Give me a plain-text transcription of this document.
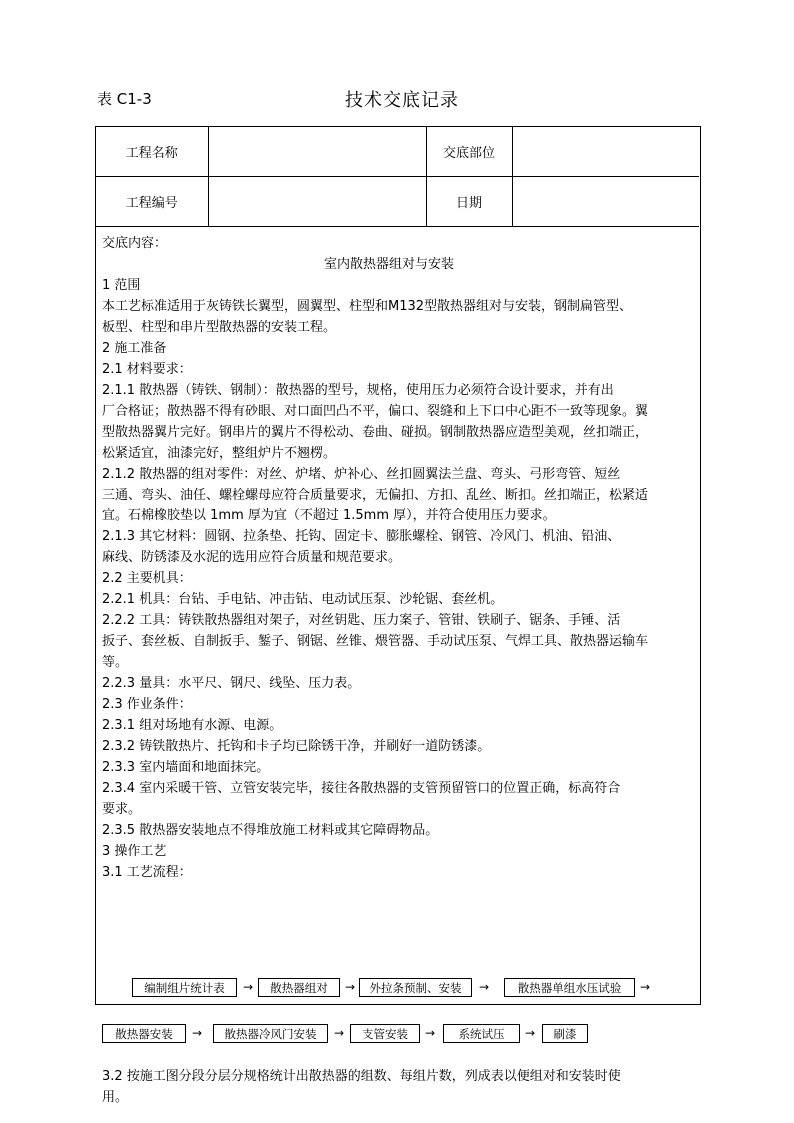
表 C1-3	技术交底记录
工程名称		交底部位	
工程编号		日期	
交底内容：
室内散热器组对与安装
1 范围
本工艺标准适用于灰铸铁长翼型，圆翼型、柱型和M132型散热器组对与安装，钢制扁管型、
板型、柱型和串片型散热器的安装工程。
2 施工准备
2.1 材料要求：
2.1.1 散热器（铸铁、钢制）：散热器的型号，规格，使用压力必须符合设计要求，并有出
厂合格证；散热器不得有砂眼、对口面凹凸不平，偏口、裂缝和上下口中心距不一致等现象。翼
型散热器翼片完好。钢串片的翼片不得松动、卷曲、碰损。钢制散热器应造型美观，丝扣端正，
松紧适宜，油漆完好，整组炉片不翘楞。
2.1.2 散热器的组对零件：对丝、炉堵、炉补心、丝扣圆翼法兰盘、弯头、弓形弯管、短丝
三通、弯头、油任、螺栓螺母应符合质量要求，无偏扣、方扣、乱丝、断扣。丝扣端正，松紧适
宜。石棉橡胶垫以 1mm 厚为宜（不超过 1.5mm 厚），并符合使用压力要求。
2.1.3 其它材料：圆钢、拉条垫、托钩、固定卡、膨胀螺栓、钢管、冷风门、机油、铅油、
麻线、防锈漆及水泥的选用应符合质量和规范要求。
2.2 主要机具：
2.2.1 机具：台钻、手电钻、冲击钻、电动试压泵、沙轮锯、套丝机。
2.2.2 工具：铸铁散热器组对架子，对丝钥匙、压力案子、管钳、铁刷子、锯条、手锤、活
扳子、套丝板、自制扳手、錾子、钢锯、丝锥、煨管器、手动试压泵、气焊工具、散热器运输车
等。
2.2.3 量具：水平尺、钢尺、线坠、压力表。
2.3 作业条件：
2.3.1 组对场地有水源、电源。
2.3.2 铸铁散热片、托钩和卡子均已除锈干净，并刷好一道防锈漆。
2.3.3 室内墙面和地面抹完。
2.3.4 室内采暖干管、立管安装完毕，接往各散热器的支管预留管口的位置正确，标高符合
要求。
2.3.5 散热器安装地点不得堆放施工材料或其它障碍物品。
3 操作工艺
3.1 工艺流程：
编制组片统计表	→	散热器组对	→	外拉条预制、安装	→	散热器单组水压试验	→
散热器安装	→	散热器冷风门安装	→	支管安装	→	系统试压	→	刷漆
3.2 按施工图分段分层分规格统计出散热器的组数、每组片数，列成表以便组对和安装时使
用。
